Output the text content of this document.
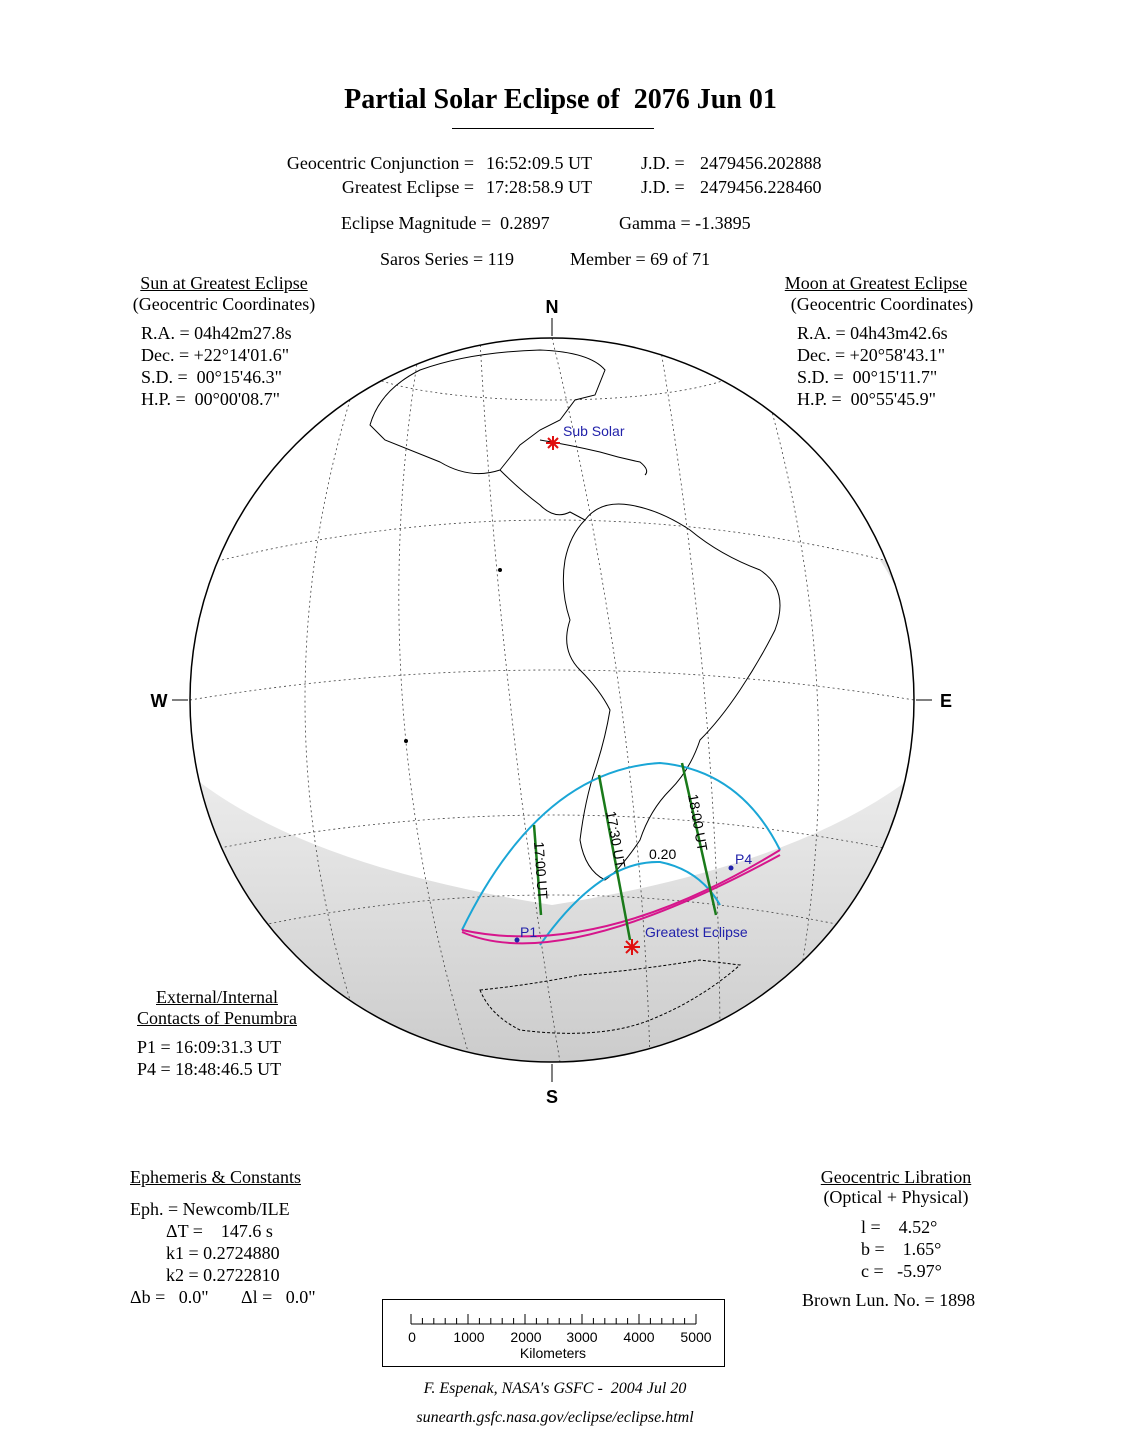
Partial Solar Eclipse of  2076 Jun 01
Geocentric Conjunction = 16:52:09.5 UT	J.D. = 2479456.202888
Greatest Eclipse = 17:28:58.9 UT	J.D. = 2479456.228460
Eclipse Magnitude =  0.2897	Gamma = -1.3895
Saros Series = 119	Member = 69 of 71
Sun at Greatest Eclipse
(Geocentric Coordinates)
R.A. = 04h42m27.8s
Dec. = +22°14'01.6"
S.D. =  00°15'46.3"
H.P. =  00°00'08.7"
Moon at Greatest Eclipse
(Geocentric Coordinates)
R.A. = 04h43m42.6s
Dec. = +20°58'43.1"
S.D. =  00°15'11.7"
H.P. =  00°55'45.9"
External/Internal
Contacts of Penumbra
P1 = 16:09:31.3 UT
P4 = 18:48:46.5 UT
Ephemeris & Constants
Eph. = Newcomb/ILE
ΔT =    147.6 s
k1 = 0.2724880
k2 = 0.2722810
Δb =   0.0" Δl =   0.0"
Geocentric Libration
(Optical + Physical)
l =    4.52°
b =    1.65°
c =   -5.97°
Brown Lun. No. = 1898
N
S
W	E
17:00 UT
17:30 UT	18:00 UT
0.20
P1
P4
Sub Solar
Greatest Eclipse
0	1000 2000 3000 4000 5000
Kilometers
F. Espenak, NASA's GSFC -  2004 Jul 20
sunearth.gsfc.nasa.gov/eclipse/eclipse.html
